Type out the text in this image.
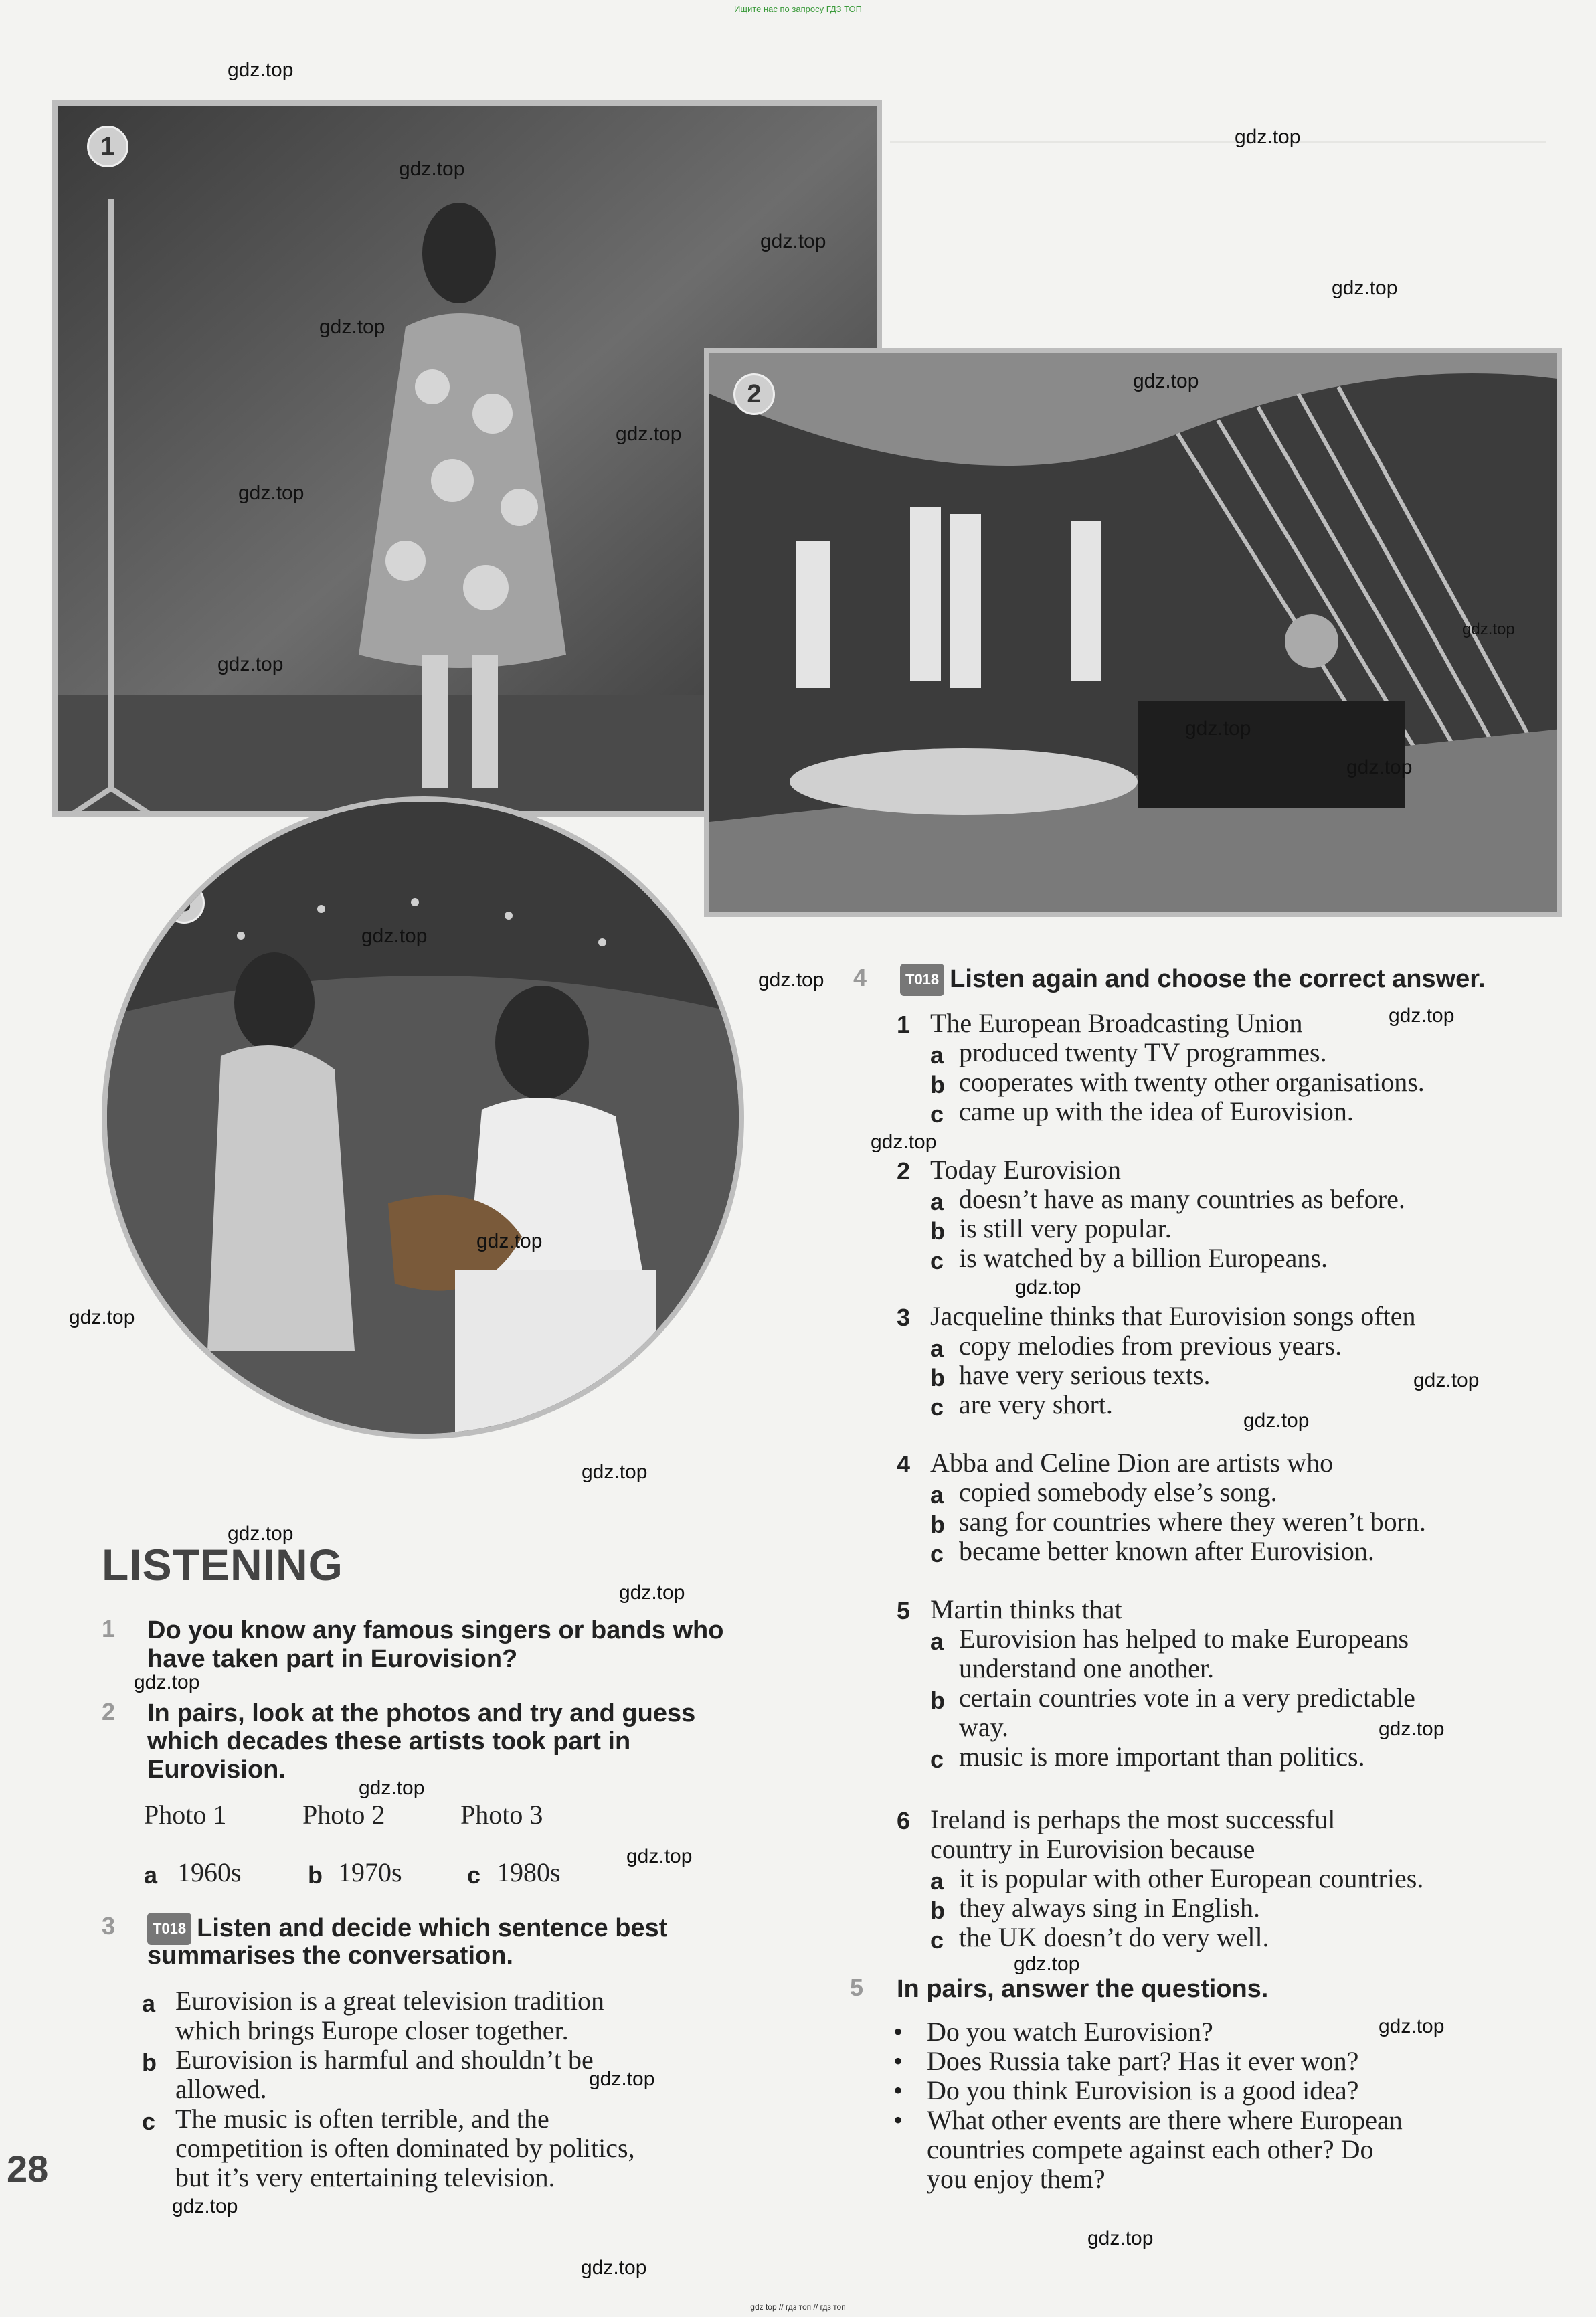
Ищите нас по запросу ГДЗ ТОП
gdz top // гдз топ // гдз топ
1
2
3
LISTENING
1 Do you know any famous singers or bands who
have taken part in Eurovision?
2 In pairs, look at the photos and try and guess
which decades these artists took part in
Eurovision.
Photo 1	Photo 2	Photo 3
a 1960s	b 1970s	c 1980s
3	T018 Listen and decide which sentence best
summarises the conversation.
a Eurovision is a great television tradition
which brings Europe closer together.
b Eurovision is harmful and shouldn’t be
allowed.
c The music is often terrible, and the
competition is often dominated by politics,
but it’s very entertaining television.
28
4	T018 Listen again and choose the correct answer.
1 The European Broadcasting Union
a produced twenty TV programmes.
b cooperates with twenty other organisations.
c came up with the idea of Eurovision.
2 Today Eurovision
a doesn’t have as many countries as before.
b is still very popular.
c is watched by a billion Europeans.
3 Jacqueline thinks that Eurovision songs often
a copy melodies from previous years.
b have very serious texts.
c are very short.
4 Abba and Celine Dion are artists who
a copied somebody else’s song.
b sang for countries where they weren’t born.
c became better known after Eurovision.
5 Martin thinks that
a Eurovision has helped to make Europeans
understand one another.
b certain countries vote in a very predictable
way.
c music is more important than politics.
6 Ireland is perhaps the most successful
country in Eurovision because
a it is popular with other European countries.
b they always sing in English.
c the UK doesn’t do very well.
5 In pairs, answer the questions.
• Do you watch Eurovision?
• Does Russia take part? Has it ever won?
• Do you think Eurovision is a good idea?
• What other events are there where European
countries compete against each other? Do
you enjoy them?
gdz.top
gdz.top
gdz.top
gdz.top
gdz.top
gdz.top
gdz.top
gdz.top
gdz.top
gdz.top
gdz.top
gdz.top
gdz.top
gdz.top
gdz.top
gdz.top
gdz.top
gdz.top
gdz.top
gdz.top
gdz.top
gdz.top
gdz.top
gdz.top
gdz.top
gdz.top
gdz.top
gdz.top
gdz.top
gdz.top
gdz.top
gdz.top
gdz.top
gdz.top
gdz.top
